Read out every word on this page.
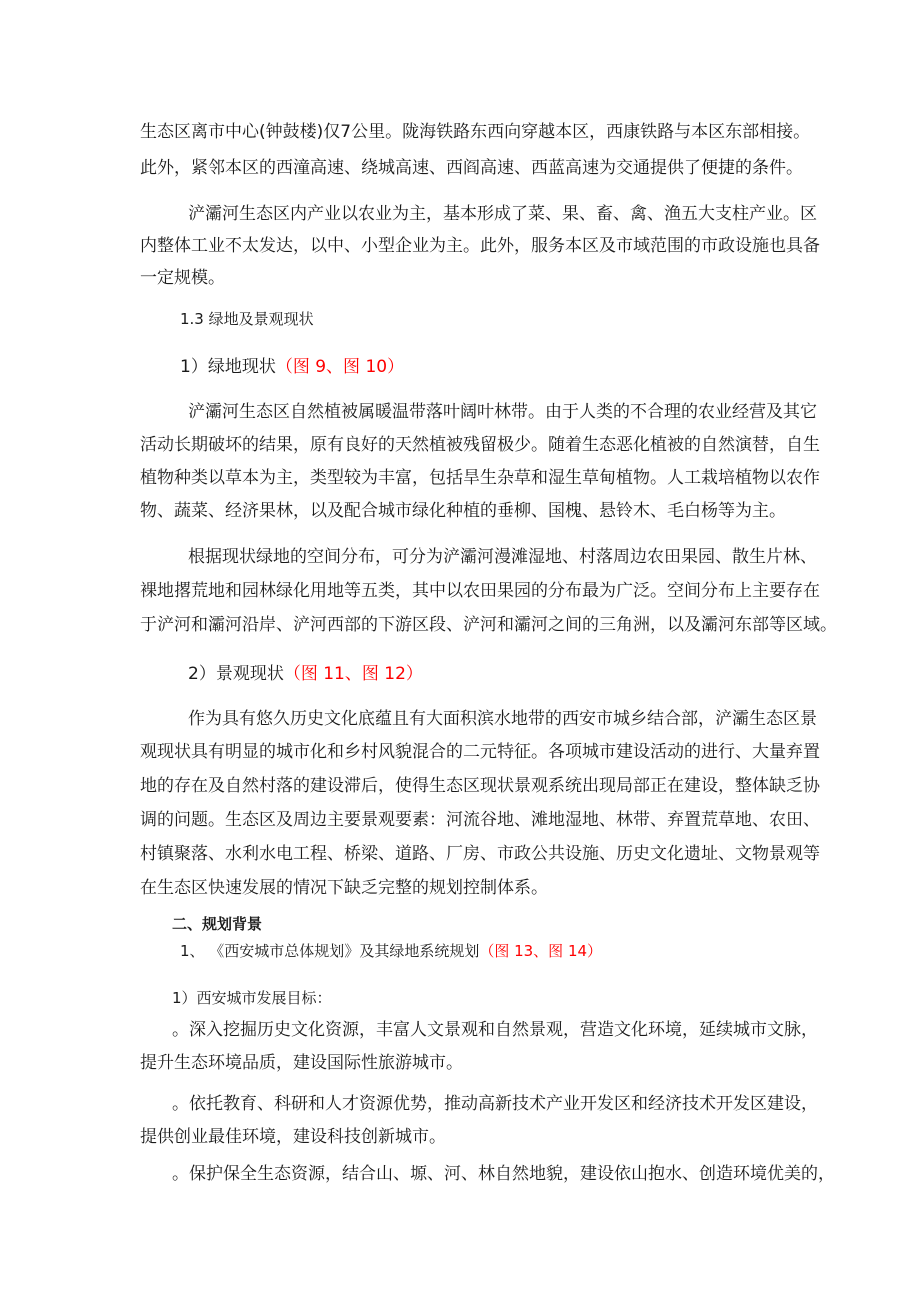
生态区离市中心(钟鼓楼)仅7公里。陇海铁路东西向穿越本区，西康铁路与本区东部相接。
此外，紧邻本区的西潼高速、绕城高速、西阎高速、西蓝高速为交通提供了便捷的条件。
浐灞河生态区内产业以农业为主，基本形成了菜、果、畜、禽、渔五大支柱产业。区
内整体工业不太发达，以中、小型企业为主。此外，服务本区及市域范围的市政设施也具备
一定规模。
1.3 绿地及景观现状
1）绿地现状（图 9、图 10）
浐灞河生态区自然植被属暖温带落叶阔叶林带。由于人类的不合理的农业经营及其它
活动长期破坏的结果，原有良好的天然植被残留极少。随着生态恶化植被的自然演替，自生
植物种类以草本为主，类型较为丰富，包括旱生杂草和湿生草甸植物。人工栽培植物以农作
物、蔬菜、经济果林，以及配合城市绿化种植的垂柳、国槐、悬铃木、毛白杨等为主。
根据现状绿地的空间分布，可分为浐灞河漫滩湿地、村落周边农田果园、散生片林、
裸地撂荒地和园林绿化用地等五类，其中以农田果园的分布最为广泛。空间分布上主要存在
于浐河和灞河沿岸、浐河西部的下游区段、浐河和灞河之间的三角洲，以及灞河东部等区域。
2）景观现状（图 11、图 12）
作为具有悠久历史文化底蕴且有大面积滨水地带的西安市城乡结合部，浐灞生态区景
观现状具有明显的城市化和乡村风貌混合的二元特征。各项城市建设活动的进行、大量弃置
地的存在及自然村落的建设滞后，使得生态区现状景观系统出现局部正在建设，整体缺乏协
调的问题。生态区及周边主要景观要素：河流谷地、滩地湿地、林带、弃置荒草地、农田、
村镇聚落、水利水电工程、桥梁、道路、厂房、市政公共设施、历史文化遗址、文物景观等
在生态区快速发展的情况下缺乏完整的规划控制体系。
二、规划背景
1、 《西安城市总体规划》及其绿地系统规划（图 13、图 14）
1）西安城市发展目标：
。深入挖掘历史文化资源，丰富人文景观和自然景观，营造文化环境，延续城市文脉，
提升生态环境品质，建设国际性旅游城市。
。依托教育、科研和人才资源优势，推动高新技术产业开发区和经济技术开发区建设，
提供创业最佳环境，建设科技创新城市。
。保护保全生态资源，结合山、塬、河、林自然地貌，建设依山抱水、创造环境优美的，
